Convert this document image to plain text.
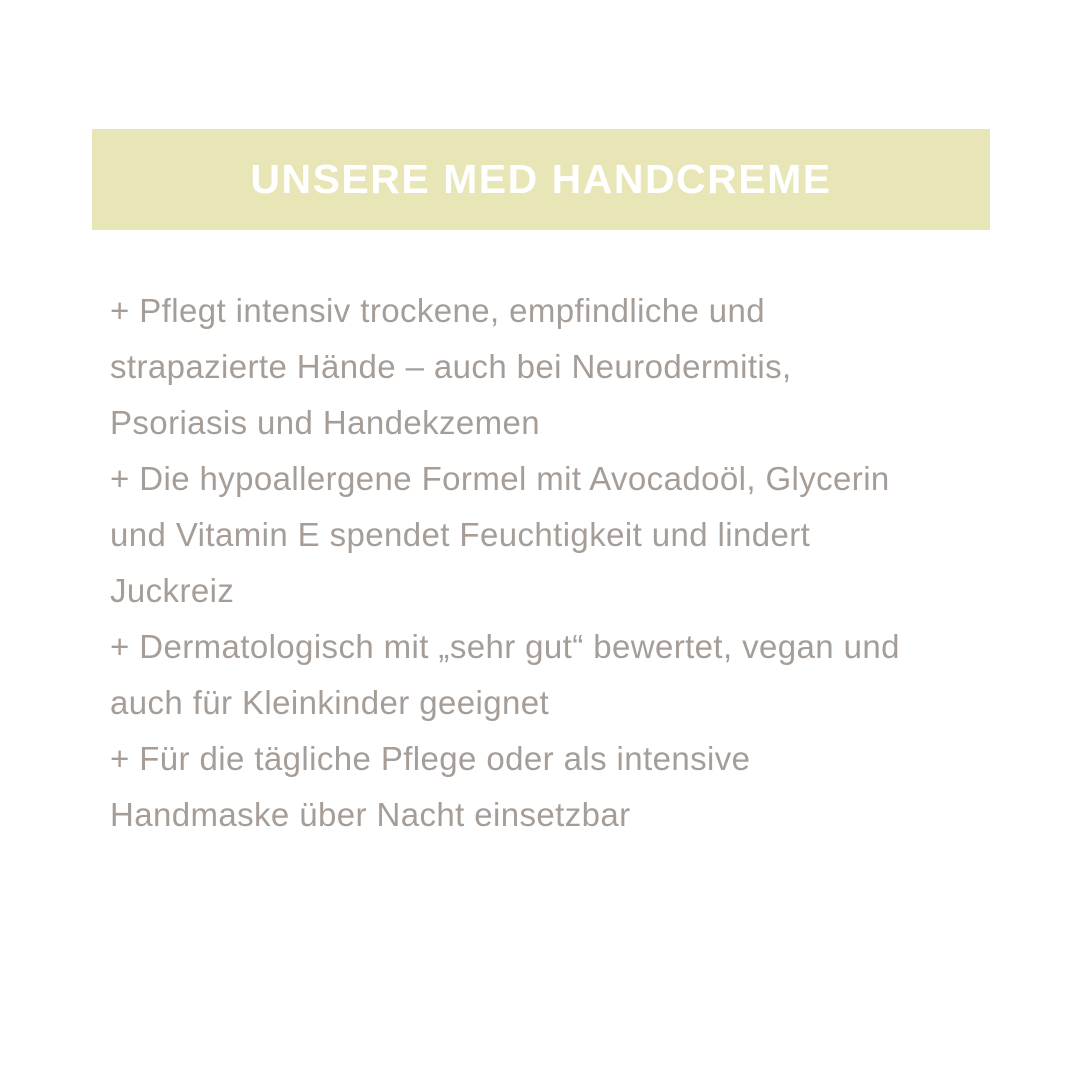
UNSERE MED HANDCREME
+ Pflegt intensiv trockene, empfindliche und
strapazierte Hände – auch bei Neurodermitis,
Psoriasis und Handekzemen
+ Die hypoallergene Formel mit Avocadoöl, Glycerin
und Vitamin E spendet Feuchtigkeit und lindert
Juckreiz
+ Dermatologisch mit „sehr gut“ bewertet, vegan und
auch für Kleinkinder geeignet
+ Für die tägliche Pflege oder als intensive
Handmaske über Nacht einsetzbar
